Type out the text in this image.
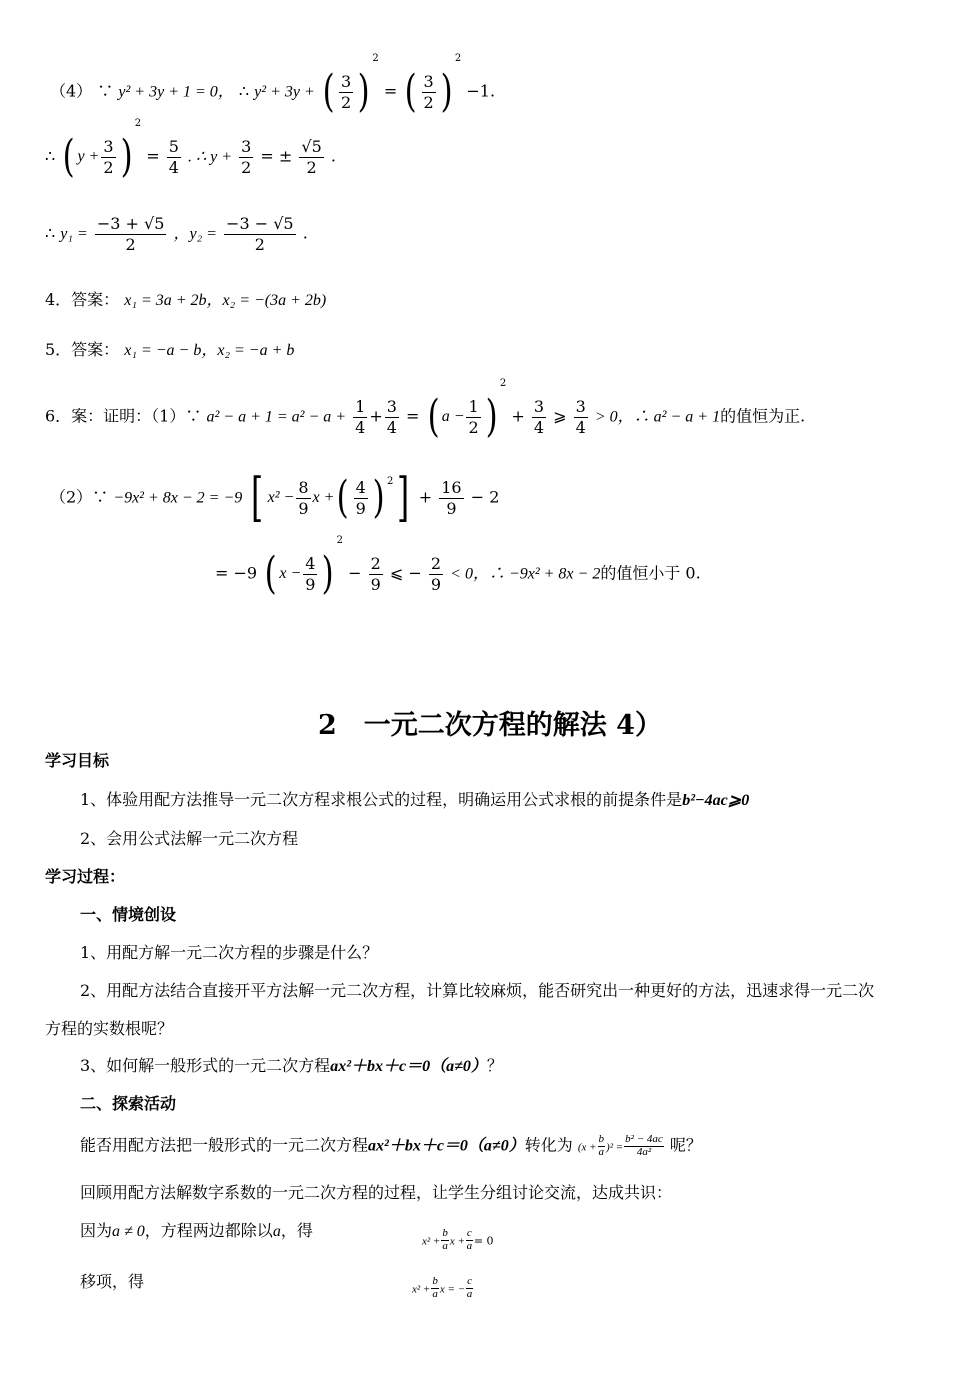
（4） ∵ y² + 3y + 1 = 0， ∴ y² + 3y + ( $\frac{3}{2}$ )
$^2$ = ( $\frac{3}{2}$ )
$^2$ −1.
∴ ( $y + \frac{3}{2}$ )
$^2 = \frac{5}{4}$ . ∴ $y + \frac{3}{2}$ = ± $\frac{√5}{2}$ .
∴ $y_1 = \frac{-3 + √5}{2}$ ，$y_2 = \frac{-3 - √5}{2}$ .
4．答案： x₁ = 3a + 2b，x₂ = −(3a + 2b)
5．答案： x₁ = −a − b，x₂ = −a + b
6．案：证明：（1）∵ $a^2 - a + 1 = a^2 - a + \frac{1}{4} + \frac{3}{4}$ = ( $a - \frac{1}{2}$ )
$^2 + \frac{3}{4}$ ⩾ $\frac{3}{4} > 0$，∴ a² − a + 1的值恒为正.
（2）∵ −9x² + 8x − 2 = −9 [ $x^2 - \frac{8}{9}$ x + ( $\frac{4}{9}$ ) $^2$ ] + $\frac{16}{9} - 2$
= −9 ( $x - \frac{4}{9}$ )
$^2 - \frac{2}{9}$ ⩽ − $\frac{2}{9} < 0$，∴ −9x² + 8x − 2的值恒小于 0.
2　一元二次方程的解法 4）
学习目标
1、体验用配方法推导一元二次方程求根公式的过程，明确运用公式求根的前提条件是b²−4ac⩾0
2、会用公式法解一元二次方程
学习过程：
一、情境创设
1、用配方解一元二次方程的步骤是什么？
2、用配方法结合直接开平方法解一元二次方程，计算比较麻烦，能否研究出一种更好的方法，迅速求得一元二次
方程的实数根呢？
3、如何解一般形式的一元二次方程ax²＋bx＋c＝0（a≠0）？
二、探索活动
能否用配方法把一般形式的一元二次方程ax²＋bx＋c＝0（a≠0）转化为 $(x + \frac{b}{a} )^2 = \frac{\text{b² − 4ac}}{\text{4a²}}$ 呢？
回顾用配方法解数字系数的一元二次方程的过程，让学生分组讨论交流，达成共识：
因为a ≠ 0，方程两边都除以a，得
$x^2 + \frac{b}{a}$ $x + \frac{c}{a} = 0$
移项，得	$x^2 + \frac{b}{a}$ x = − $\frac{c}{a}$
